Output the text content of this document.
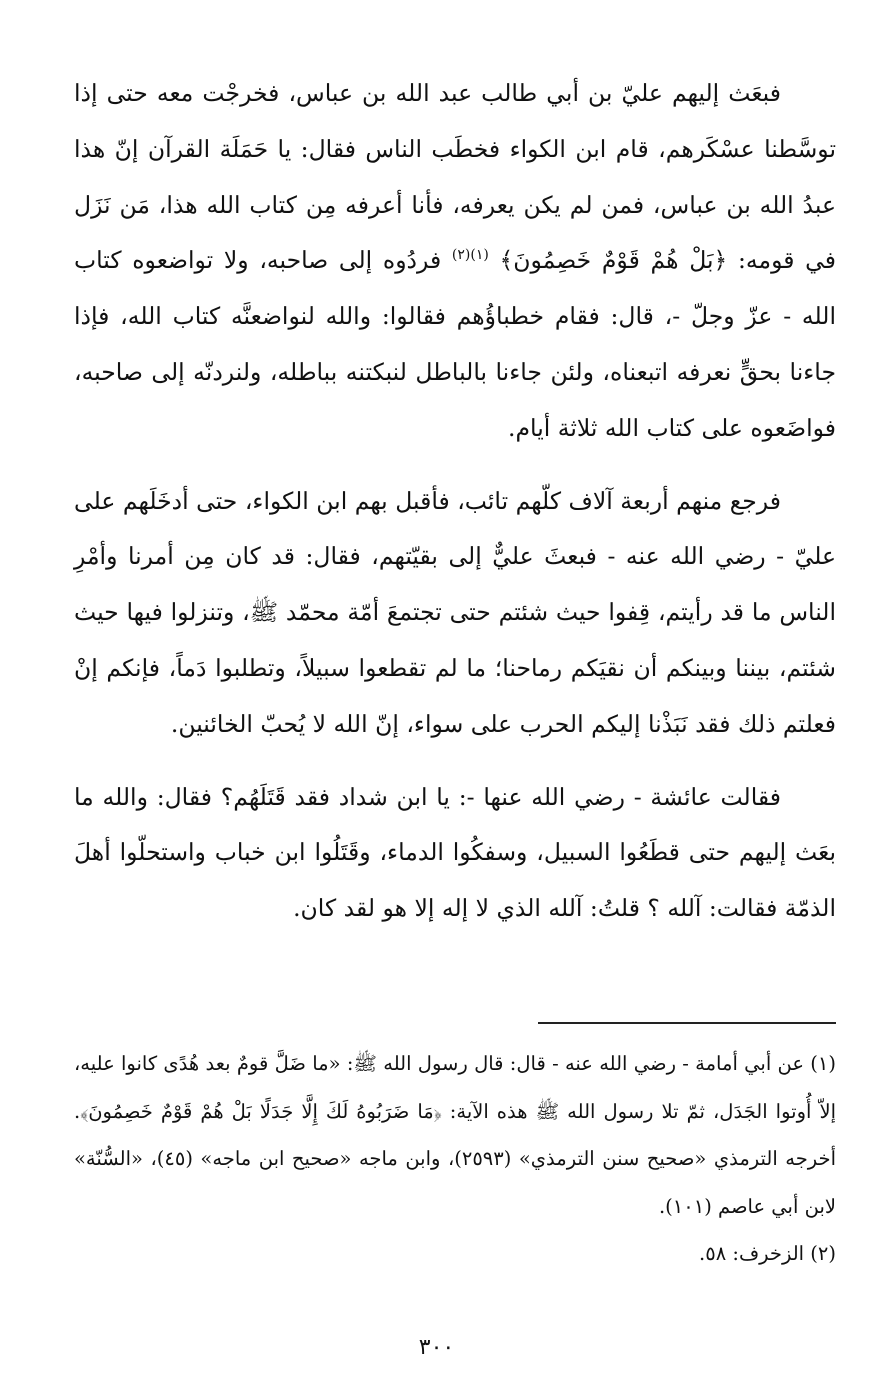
فبعَث إليهم عليّ بن أبي طالب عبد الله بن عباس، فخرجْت معه حتى إذا توسَّطنا عسْكَرهم، قام ابن الكواء فخطَب الناس فقال: يا حَمَلَة القرآن إنّ هذا عبدُ الله بن عباس، فمن لم يكن يعرفه، فأنا أعرفه مِن كتاب الله هذا، مَن نَزَل في قومه: ﴿بَلْ هُمْ قَوْمٌ خَصِمُونَ﴾ $^{(١)(٢)}$ فردُوه إلى صاحبه، ولا تواضعوه كتاب الله - عزّ وجلّ -، قال: فقام خطباؤُهم فقالوا: والله لنواضعنَّه كتاب الله، فإذا جاءنا بحقٍّ نعرفه اتبعناه، ولئن جاءنا بالباطل لنبكتنه بباطله، ولنردنّه إلى صاحبه، فواضَعوه على كتاب الله ثلاثة أيام.

فرجع منهم أربعة آلاف كلّهم تائب، فأقبل بهم ابن الكواء، حتى أدخَلَهم على عليّ - رضي الله عنه - فبعثَ عليٌّ إلى بقيّتهم، فقال: قد كان مِن أمرنا وأمْرِ الناس ما قد رأيتم، قِفوا حيث شئتم حتى تجتمعَ أمّة محمّد ﷺ، وتنزلوا فيها حيث شئتم، بيننا وبينكم أن نقيَكم رماحنا؛ ما لم تقطعوا سبيلاً، وتطلبوا دَماً، فإنكم إنْ فعلتم ذلك فقد نَبَذْنا إليكم الحرب على سواء، إنّ الله لا يُحبّ الخائنين.

فقالت عائشة - رضي الله عنها -: يا ابن شداد فقد قَتَلَهُم؟ فقال: والله ما بعَث إليهم حتى قطَعُوا السبيل، وسفكُوا الدماء، وقَتَلُوا ابن خباب واستحلّوا أهلَ الذمّة فقالت: آلله ؟ قلتُ: آلله الذي لا إله إلا هو لقد كان.

(١) عن أبي أمامة - رضي الله عنه - قال: قال رسول الله ﷺ: «ما ضَلَّ قومٌ بعد هُدًى كانوا عليه، إلاّ أُوتوا الجَدَل، ثمّ تلا رسول الله ﷺ هذه الآية: ﴿مَا ضَرَبُوهُ لَكَ إِلَّا جَدَلًا بَلْ هُمْ قَوْمٌ خَصِمُونَ﴾. أخرجه الترمذي «صحيح سنن الترمذي» (٢٥٩٣)، وابن ماجه «صحيح ابن ماجه» (٤٥)، «السُّنّة» لابن أبي عاصم (١٠١).

(٢) الزخرف: ٥٨.

٣٠٠
